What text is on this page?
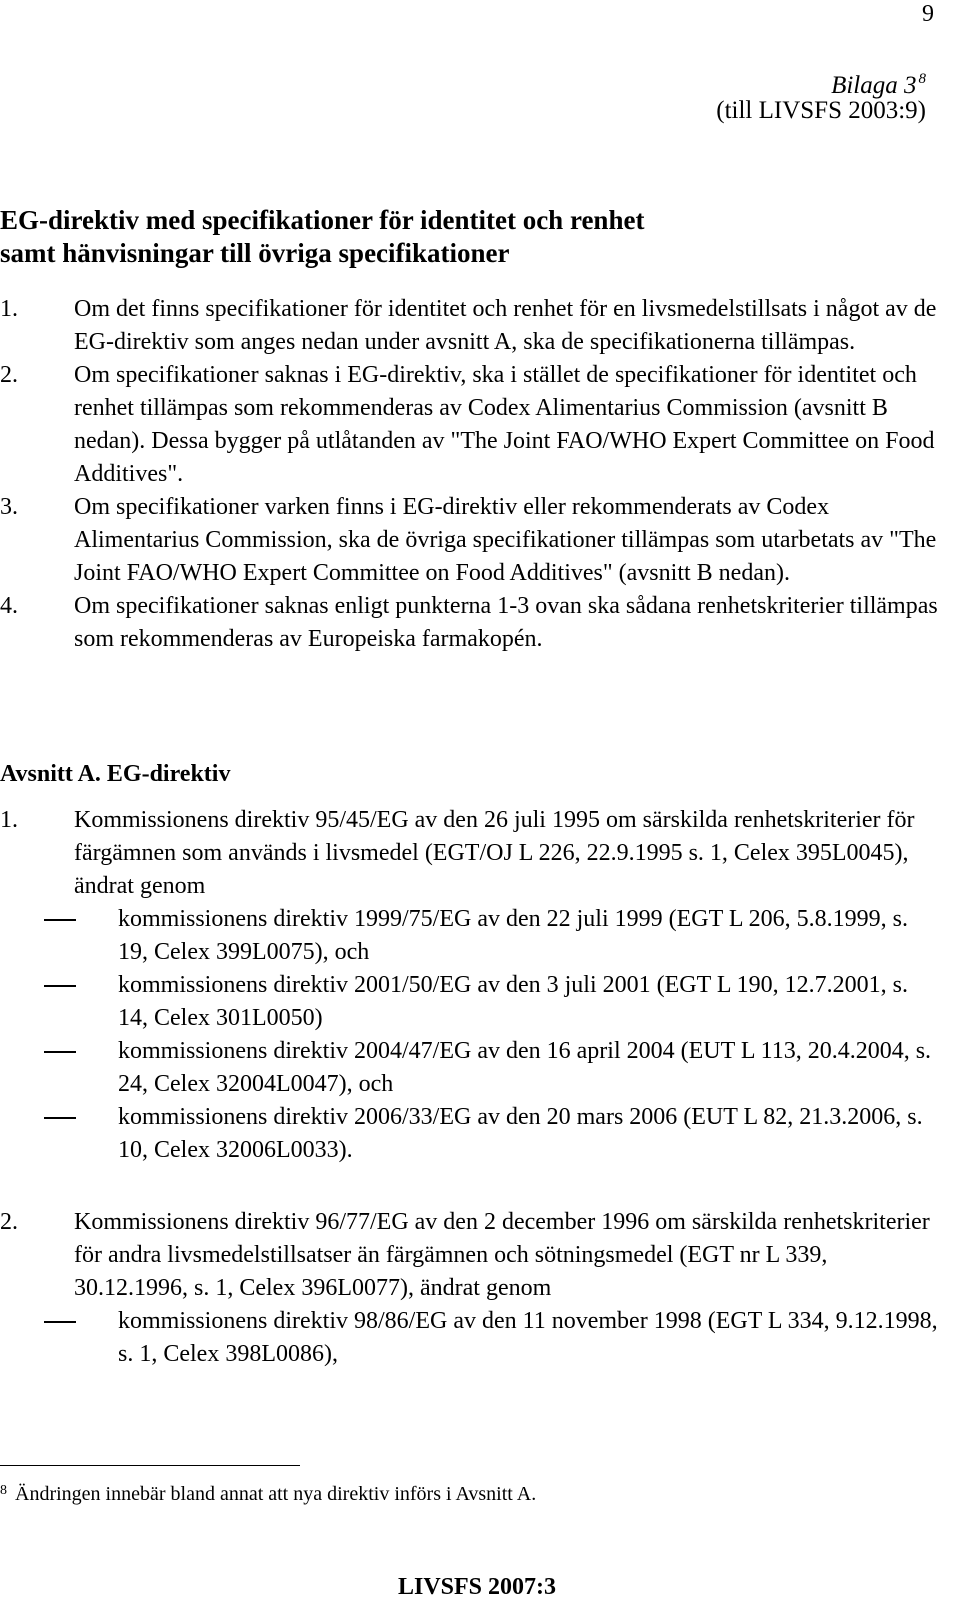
9
Bilaga 3 $^8$
(till LIVSFS 2003:9)
EG-direktiv med specifikationer för identitet och renhet
samt hänvisningar till övriga specifikationer
1.	Om det finns specifikationer för identitet och renhet för en livsmedelstillsats i något av de EG-direktiv som anges nedan under avsnitt A, ska de specifikationerna tillämpas.
2.	Om specifikationer saknas i EG-direktiv, ska i stället de specifikationer för identitet och renhet tillämpas som rekommenderas av Codex Alimentarius Commission (avsnitt B nedan). Dessa bygger på utlåtanden av "The Joint FAO/WHO Expert Committee on Food Additives".
3.	Om specifikationer varken finns i EG-direktiv eller rekommenderats av Codex Alimentarius Commission, ska de övriga specifikationer tillämpas som utarbetats av "The Joint FAO/WHO Expert Committee on Food Additives" (avsnitt B nedan).
4.	Om specifikationer saknas enligt punkterna 1-3 ovan ska sådana renhetskriterier tillämpas som rekommenderas av Europeiska farmakopén.
Avsnitt A. EG-direktiv
1.	Kommissionens direktiv 95/45/EG av den 26 juli 1995 om särskilda renhetskriterier för färgämnen som används i livsmedel (EGT/OJ L 226, 22.9.1995 s. 1, Celex 395L0045), ändrat genom
kommissionens direktiv 1999/75/EG av den 22 juli 1999 (EGT L 206, 5.8.1999, s. 19, Celex 399L0075), och
kommissionens direktiv 2001/50/EG av den 3 juli 2001 (EGT L 190, 12.7.2001, s. 14, Celex 301L0050)
kommissionens direktiv 2004/47/EG av den 16 april 2004 (EUT L 113, 20.4.2004, s. 24, Celex 32004L0047), och
kommissionens direktiv 2006/33/EG av den 20 mars 2006 (EUT L 82, 21.3.2006, s. 10, Celex 32006L0033).
2.	Kommissionens direktiv 96/77/EG av den 2 december 1996 om särskilda renhetskriterier för andra livsmedelstillsatser än färgämnen och sötningsmedel (EGT nr L 339, 30.12.1996, s. 1, Celex 396L0077), ändrat genom
kommissionens direktiv 98/86/EG av den 11 november 1998 (EGT L 334, 9.12.1998, s. 1, Celex 398L0086),
$^8$ Ändringen innebär bland annat att nya direktiv införs i Avsnitt A.
LIVSFS 2007:3
